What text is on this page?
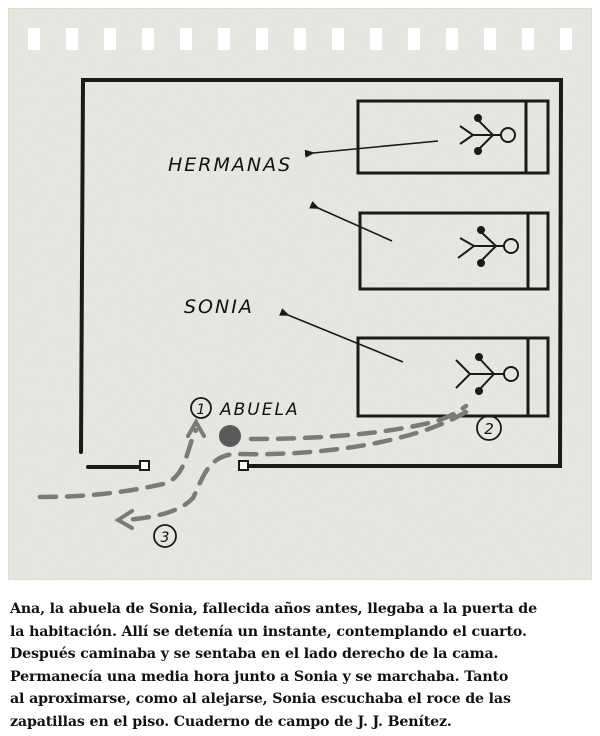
HERMANAS
SONIA
ABUELA
1
2
3
Ana, la abuela de Sonia, fallecida años antes, llegaba a la puerta de
la habitación. Allí se detenía un instante, contemplando el cuarto.
Después caminaba y se sentaba en el lado derecho de la cama.
Permanecía una media hora junto a Sonia y se marchaba. Tanto
al aproximarse, como al alejarse, Sonia escuchaba el roce de las
zapatillas en el piso. Cuaderno de campo de J. J. Benítez.
